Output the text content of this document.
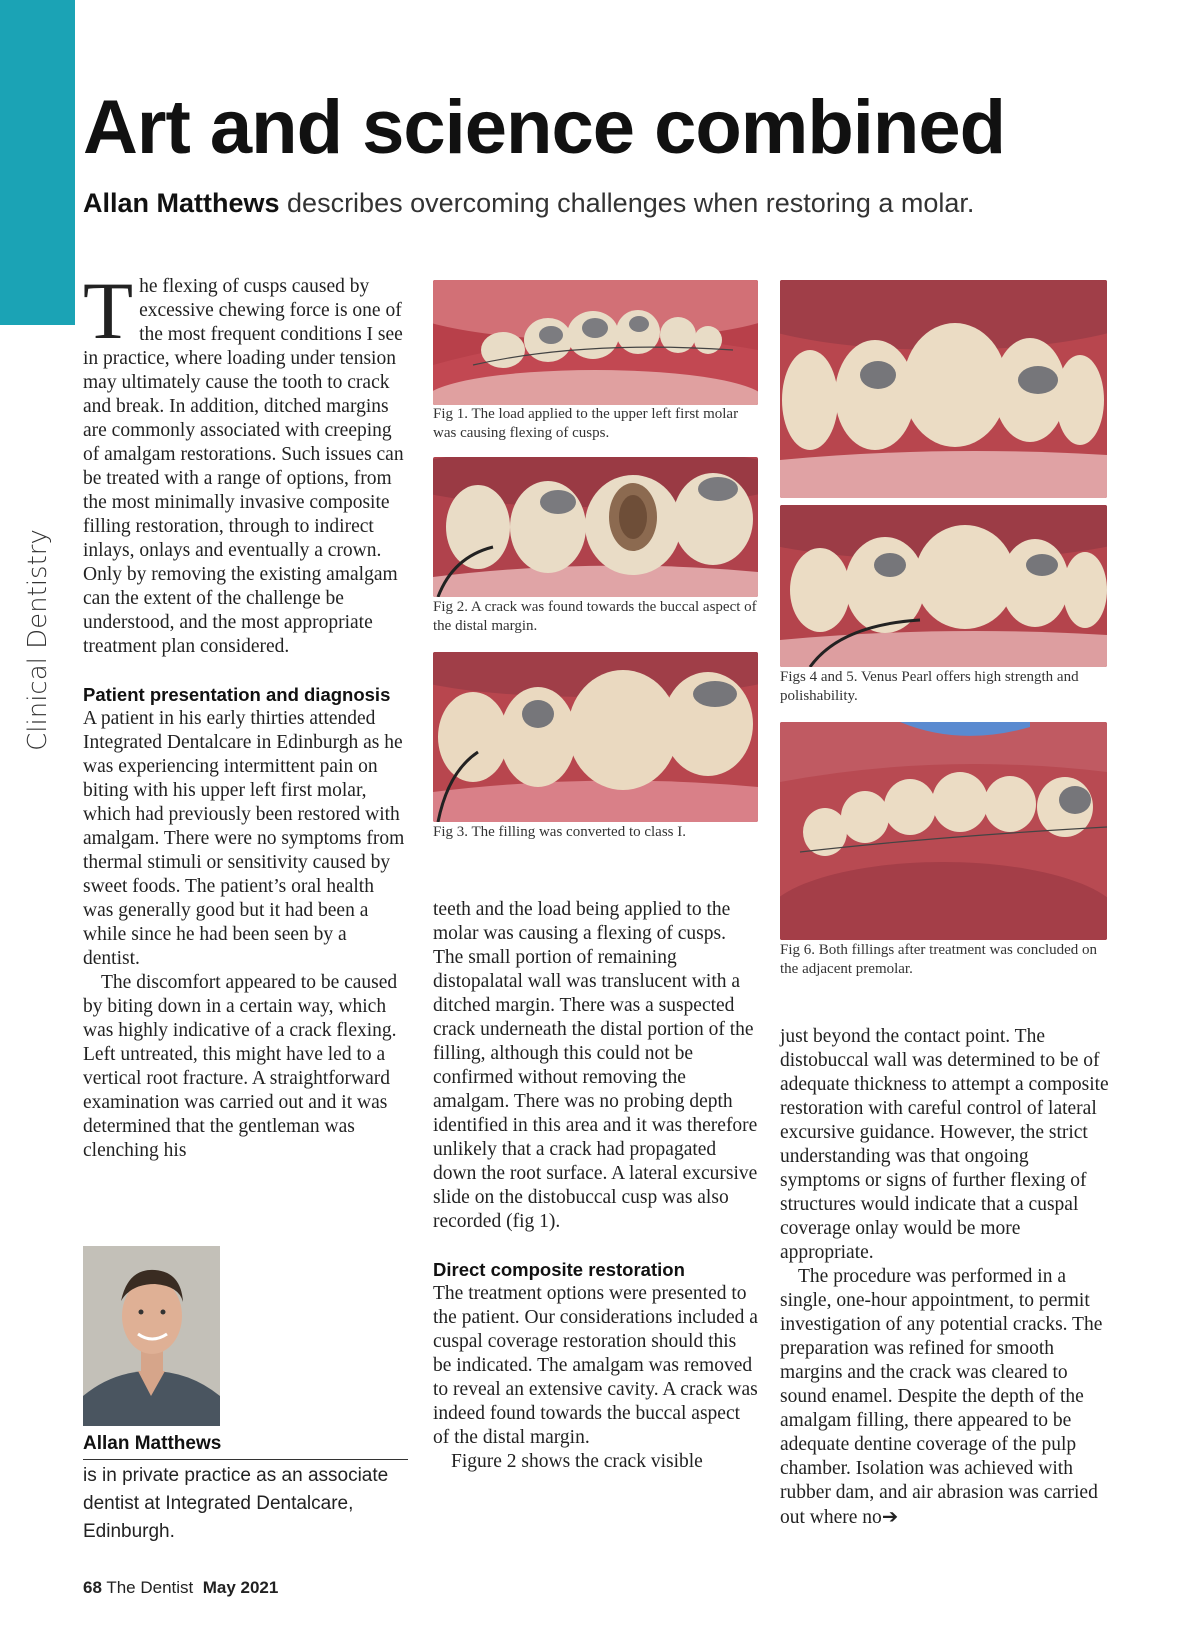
Clinical Dentistry
Art and science combined
Allan Matthews describes overcoming challenges when restoring a molar.

The flexing of cusps caused by excessive chewing force is one of the most frequent conditions I see in practice, where loading under tension may ultimately cause the tooth to crack and break. In addition, ditched margins are commonly associated with creeping of amalgam restorations. Such issues can be treated with a range of options, from the most minimally invasive composite filling restoration, through to indirect inlays, onlays and eventually a crown. Only by removing the existing amalgam can the extent of the challenge be understood, and the most appropriate treatment plan considered.

Patient presentation and diagnosis

A patient in his early thirties attended Integrated Dentalcare in Edinburgh as he was experiencing intermittent pain on biting with his upper left first molar, which had previously been restored with amalgam. There were no symptoms from thermal stimuli or sensitivity caused by sweet foods. The patient’s oral health was generally good but it had been a while since he had been seen by a dentist.

The discomfort appeared to be caused by biting down in a certain way, which was highly indicative of a crack flexing. Left untreated, this might have led to a vertical root fracture. A straightforward examination was carried out and it was determined that the gentleman was clenching his

Fig 1. The load applied to the upper left first molar was causing flexing of cusps.
Fig 2. A crack was found towards the buccal aspect of the distal margin.
Fig 3. The filling was converted to class I.
Figs 4 and 5. Venus Pearl offers high strength and polishability.
Fig 6. Both fillings after treatment was concluded on the adjacent premolar.

teeth and the load being applied to the molar was causing a flexing of cusps. The small portion of remaining distopalatal wall was translucent with a ditched margin. There was a suspected crack underneath the distal portion of the filling, although this could not be confirmed without removing the amalgam. There was no probing depth identified in this area and it was therefore unlikely that a crack had propagated down the root surface. A lateral excursive slide on the distobuccal cusp was also recorded (fig 1).

Direct composite restoration

The treatment options were presented to the patient. Our considerations included a cuspal coverage restoration should this be indicated. The amalgam was removed to reveal an extensive cavity. A crack was indeed found towards the buccal aspect of the distal margin.

Figure 2 shows the crack visible

just beyond the contact point. The distobuccal wall was determined to be of adequate thickness to attempt a composite restoration with careful control of lateral excursive guidance. However, the strict understanding was that ongoing symptoms or signs of further flexing of structures would indicate that a cuspal coverage onlay would be more appropriate.

The procedure was performed in a single, one-hour appointment, to permit investigation of any potential cracks. The preparation was refined for smooth margins and the crack was cleared to sound enamel. Despite the depth of the amalgam filling, there appeared to be adequate dentine coverage of the pulp chamber. Isolation was achieved with rubber dam, and air abrasion was carried out where no➔

Allan Matthews
is in private practice as an associate dentist at Integrated Dentalcare, Edinburgh.
68 The Dentist May 2021
